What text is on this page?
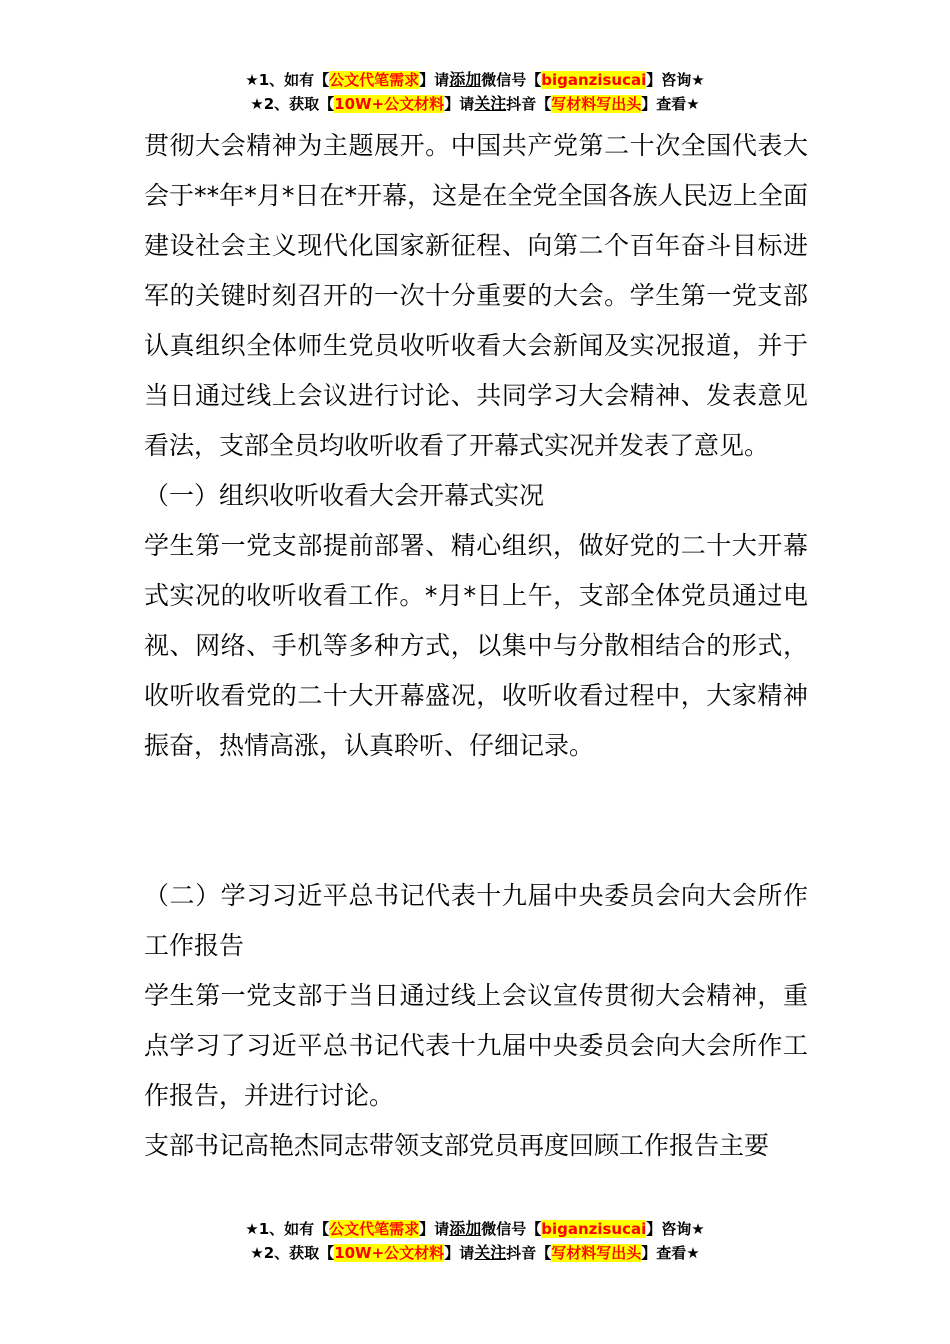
★1、如有【公文代笔需求】请添加微信号【biganzisucai】咨询★
★2、获取【10W+公文材料】请关注抖音【写材料写出头】查看★

贯彻大会精神为主题展开。中国共产党第二十次全国代表大会于**年*月*日在*开幕，这是在全党全国各族人民迈上全面建设社会主义现代化国家新征程、向第二个百年奋斗目标进军的关键时刻召开的一次十分重要的大会。学生第一党支部认真组织全体师生党员收听收看大会新闻及实况报道，并于当日通过线上会议进行讨论、共同学习大会精神、发表意见看法，支部全员均收听收看了开幕式实况并发表了意见。

（一）组织收听收看大会开幕式实况

学生第一党支部提前部署、精心组织，做好党的二十大开幕式实况的收听收看工作。*月*日上午，支部全体党员通过电视、网络、手机等多种方式，以集中与分散相结合的形式，收听收看党的二十大开幕盛况，收听收看过程中，大家精神振奋，热情高涨，认真聆听、仔细记录。

（二）学习习近平总书记代表十九届中央委员会向大会所作工作报告

学生第一党支部于当日通过线上会议宣传贯彻大会精神，重点学习了习近平总书记代表十九届中央委员会向大会所作工作报告，并进行讨论。

支部书记高艳杰同志带领支部党员再度回顾工作报告主要

★1、如有【公文代笔需求】请添加微信号【biganzisucai】咨询★
★2、获取【10W+公文材料】请关注抖音【写材料写出头】查看★
